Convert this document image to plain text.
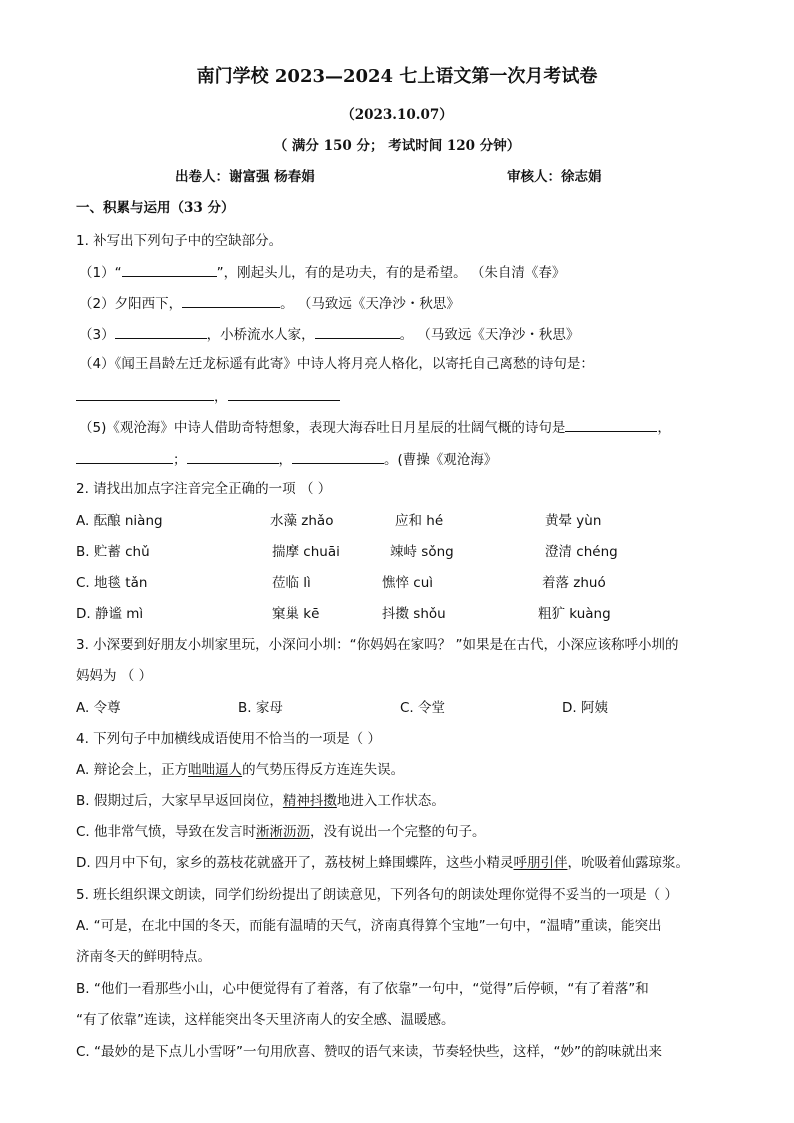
南门学校 2023—2024 七上语文第一次月考试卷
（2023.10.07）
（ 满分 150 分； 考试时间 120 分钟）
出卷人：谢富强 杨春娟	审核人：徐志娟
一、积累与运用（33 分）
1. 补写出下列句子中的空缺部分。
（1）“	”，刚起头儿，有的是功夫，有的是希望。 （朱自清《春》
（2）夕阳西下，	。 （马致远《天净沙・秋思》
（3）	，小桥流水人家，	。 （马致远《天净沙・秋思》
（4）《闻王昌龄左迁龙标遥有此寄》中诗人将月亮人格化，以寄托自己离愁的诗句是：
，
（5)《观沧海》中诗人借助奇特想象，表现大海吞吐日月星辰的壮阔气概的诗句是	，
；	，	。(曹操《观沧海》
2. 请找出加点字注音完全正确的一项 （ ）
A. 酝酿 niàng	水藻 zhǎo	应和 hé	黄晕 yùn
B. 贮蓄 chǔ	揣摩 chuāi	竦峙 sǒng	澄清 chéng
C. 地毯 tǎn	莅临 lì	憔悴 cuì	着落 zhuó
D. 静谧 mì	窠巢 kē	抖擞 shǒu	粗犷 kuàng
3. 小深要到好朋友小圳家里玩，小深问小圳：“你妈妈在家吗？ ”如果是在古代，小深应该称呼小圳的
妈妈为 （ ）
A. 令尊	B. 家母	C. 令堂	D. 阿姨
4. 下列句子中加横线成语使用不恰当的一项是（ ）
A. 辩论会上，正方咄咄逼人的气势压得反方连连失误。
B. 假期过后，大家早早返回岗位，精神抖擞地进入工作状态。
C. 他非常气愤，导致在发言时淅淅沥沥，没有说出一个完整的句子。
D. 四月中下旬，家乡的荔枝花就盛开了，荔枝树上蜂围蝶阵，这些小精灵呼朋引伴，吮吸着仙露琼浆。
5. 班长组织课文朗读，同学们纷纷提出了朗读意见，下列各句的朗读处理你觉得不妥当的一项是（ ）
A. “可是，在北中国的冬天，而能有温晴的天气，济南真得算个宝地”一句中，“温晴”重读，能突出
济南冬天的鲜明特点。
B. “他们一看那些小山，心中便觉得有了着落，有了依靠”一句中，“觉得”后停顿，“有了着落”和
“有了依靠”连读，这样能突出冬天里济南人的安全感、温暖感。
C. “最妙的是下点儿小雪呀”一句用欣喜、赞叹的语气来读，节奏轻快些，这样，“妙”的韵味就出来
